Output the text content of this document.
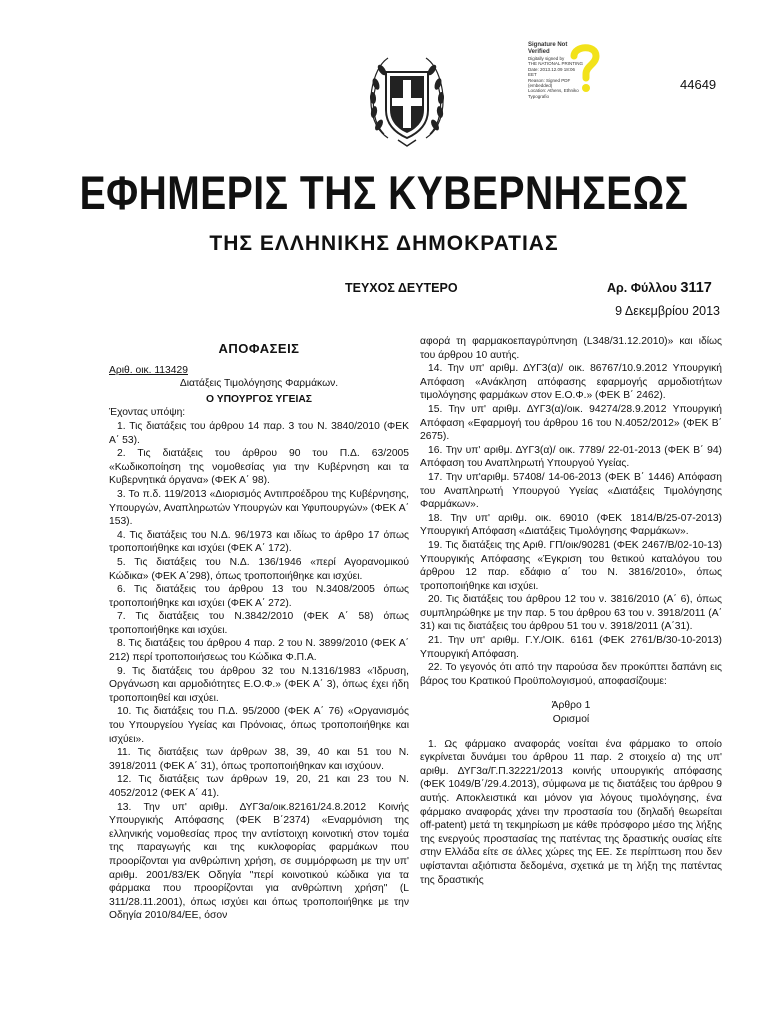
Signature Not
Verified
Digitally signed by
THE NATIONAL PRINTING
Date: 2013.12.09 18:06
EET
Reason: Signed PDF
(embedded)
Location: Athens, Ethniko
Typografio
44649
ΕΦΗΜΕΡΙΣ ΤΗΣ ΚΥΒΕΡΝΗΣΕΩΣ
ΤΗΣ ΕΛΛΗΝΙΚΗΣ ΔΗΜΟΚΡΑΤΙΑΣ
ΤΕΥΧΟΣ ΔΕΥΤΕΡΟ	Αρ. Φύλλου 3117
9 Δεκεμβρίου 2013
ΑΠΟΦΑΣΕΙΣ

Αριθ. οικ. 113429

Διατάξεις Τιμολόγησης Φαρμάκων.

Ο ΥΠΟΥΡΓΟΣ ΥΓΕΙΑΣ

Έχοντας υπόψη:

1. Τις διατάξεις του άρθρου 14 παρ. 3 του Ν. 3840/2010 (ΦΕΚ Α΄ 53).

2. Τις διατάξεις του άρθρου 90 του Π.Δ. 63/2005 «Κωδικοποίηση της νομοθεσίας για την Κυβέρνηση και τα Κυβερνητικά όργανα» (ΦΕΚ Α΄ 98).

3. Το π.δ. 119/2013 «Διορισμός Αντιπροέδρου της Κυβέρνησης, Υπουργών, Αναπληρωτών Υπουργών και Υφυπουργών» (ΦΕΚ Α΄ 153).

4. Τις διατάξεις του Ν.Δ. 96/1973 και ιδίως το άρθρο 17 όπως τροποποιήθηκε και ισχύει (ΦΕΚ Α΄ 172).

5. Τις διατάξεις του Ν.Δ. 136/1946 «περί Αγορανομικού Κώδικα» (ΦΕΚ Α΄298), όπως τροποποιήθηκε και ισχύει.

6. Τις διατάξεις του άρθρου 13 του Ν.3408/2005 όπως τροποποιήθηκε και ισχύει (ΦΕΚ Α΄ 272).

7. Τις διατάξεις του Ν.3842/2010 (ΦΕΚ Α΄ 58) όπως τροποποιήθηκε και ισχύει.

8. Τις διατάξεις του άρθρου 4 παρ. 2 του Ν. 3899/2010 (ΦΕΚ Α΄ 212) περί τροποποιήσεως του Κώδικα Φ.Π.Α.

9. Τις διατάξεις του άρθρου 32 του Ν.1316/1983 «Ίδρυση, Οργάνωση και αρμοδιότητες Ε.Ο.Φ.» (ΦΕΚ Α΄ 3), όπως έχει ήδη τροποποιηθεί και ισχύει.

10. Τις διατάξεις του Π.Δ. 95/2000 (ΦΕΚ Α΄ 76) «Οργανισμός του Υπουργείου Υγείας και Πρόνοιας, όπως τροποποιήθηκε και ισχύει».

11. Τις διατάξεις των άρθρων 38, 39, 40 και 51 του Ν. 3918/2011 (ΦΕΚ Α΄ 31), όπως τροποποιήθηκαν και ισχύουν.

12. Τις διατάξεις των άρθρων 19, 20, 21 και 23 του Ν. 4052/2012 (ΦΕΚ Α΄ 41).

13. Την υπ' αριθμ. ΔΥΓ3α/οικ.82161/24.8.2012 Κοινής Υπουργικής Απόφασης (ΦΕΚ Β΄2374) «Εναρμόνιση της ελληνικής νομοθεσίας προς την αντίστοιχη κοινοτική στον τομέα της παραγωγής και της κυκλοφορίας φαρμάκων που προορίζονται για ανθρώπινη χρήση, σε συμμόρφωση με την υπ' αριθμ. 2001/83/ΕΚ Οδηγία "περί κοινοτικού κώδικα για τα φάρμακα που προορίζονται για ανθρώπινη χρήση" (L 311/28.11.2001), όπως ισχύει και όπως τροποποιήθηκε με την Οδηγία 2010/84/ΕΕ, όσον

αφορά τη φαρμακοεπαγρύπνηση (L348/31.12.2010)» και ιδίως του άρθρου 10 αυτής.

14. Την υπ' αριθμ. ΔΥΓ3(α)/ οικ. 86767/10.9.2012 Υπουργική Απόφαση «Ανάκληση απόφασης εφαρμογής αρμοδιοτήτων τιμολόγησης φαρμάκων στον Ε.Ο.Φ.» (ΦΕΚ Β΄ 2462).

15. Την υπ' αριθμ. ΔΥΓ3(α)/οικ. 94274/28.9.2012 Υπουργική Απόφαση «Εφαρμογή του άρθρου 16 του Ν.4052/2012» (ΦΕΚ Β΄ 2675).

16. Την υπ' αριθμ. ΔΥΓ3(α)/ οικ. 7789/ 22-01-2013 (ΦΕΚ Β΄ 94) Απόφαση του Αναπληρωτή Υπουργού Υγείας.

17. Την υπ'αριθμ. 57408/ 14-06-2013 (ΦΕΚ Β΄ 1446) Απόφαση του Αναπληρωτή Υπουργού Υγείας «Διατάξεις Τιμολόγησης Φαρμάκων».

18. Την υπ' αριθμ. οικ. 69010 (ΦΕΚ 1814/Β/25-07-2013) Υπουργική Απόφαση «Διατάξεις Τιμολόγησης Φαρμάκων».

19. Τις διατάξεις της Αριθ. ΓΠ/οικ/90281 (ΦΕΚ 2467/Β/02-10-13) Υπουργικής Απόφασης «Έγκριση του θετικού καταλόγου του άρθρου 12 παρ. εδάφιο α΄ του Ν. 3816/2010», όπως τροποποιήθηκε και ισχύει.

20. Τις διατάξεις του άρθρου 12 του ν. 3816/2010 (Α΄ 6), όπως συμπληρώθηκε με την παρ. 5 του άρθρου 63 του ν. 3918/2011 (Α΄ 31) και τις διατάξεις του άρθρου 51 του ν. 3918/2011 (Α΄31).

21. Την υπ' αριθμ. Γ.Υ./ΟΙΚ. 6161 (ΦΕΚ 2761/Β/30-10-2013) Υπουργική Απόφαση.

22. Το γεγονός ότι από την παρούσα δεν προκύπτει δαπάνη εις βάρος του Κρατικού Προϋπολογισμού, αποφασίζουμε:

Άρθρο 1

Ορισμοί

1. Ως φάρμακο αναφοράς νοείται ένα φάρμακο το οποίο εγκρίνεται δυνάμει του άρθρου 11 παρ. 2 στοιχείο α) της υπ' αριθμ. ΔΥΓ3α/Γ.Π.32221/2013 κοινής υπουργικής απόφασης (ΦΕΚ 1049/Β΄/29.4.2013), σύμφωνα με τις διατάξεις του άρθρου 9 αυτής. Αποκλειστικά και μόνον για λόγους τιμολόγησης, ένα φάρμακο αναφοράς χάνει την προστασία του (δηλαδή θεωρείται off-patent) μετά τη τεκμηρίωση με κάθε πρόσφορο μέσο της λήξης της ενεργούς προστασίας της πατέντας της δραστικής ουσίας είτε στην Ελλάδα είτε σε άλλες χώρες της ΕΕ. Σε περίπτωση που δεν υφίστανται αξιόπιστα δεδομένα, σχετικά με τη λήξη της πατέντας της δραστικής
